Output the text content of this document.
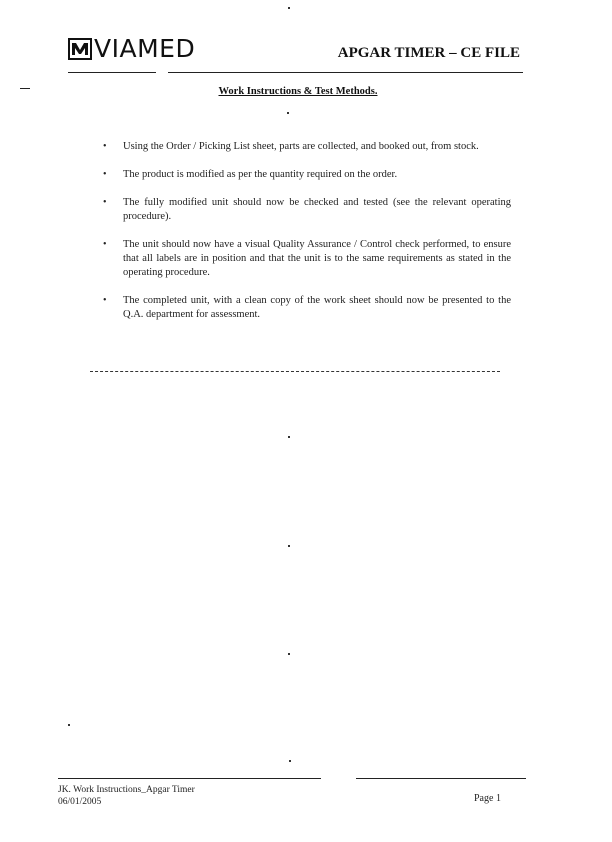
VIAMED	APGAR TIMER – CE FILE
Work Instructions & Test Methods.
• Using the Order / Picking List sheet, parts are collected, and booked out, from stock.
• The product is modified as per the quantity required on the order.
• The fully modified unit should now be checked and tested (see the relevant operating procedure).
• The unit should now have a visual Quality Assurance / Control check performed, to ensure that all labels are in position and that the unit is to the same requirements as stated in the operating procedure.
• The completed unit, with a clean copy of the work sheet should now be presented to the Q.A. department for assessment.
JK. Work Instructions_Apgar Timer
06/01/2005	Page 1
